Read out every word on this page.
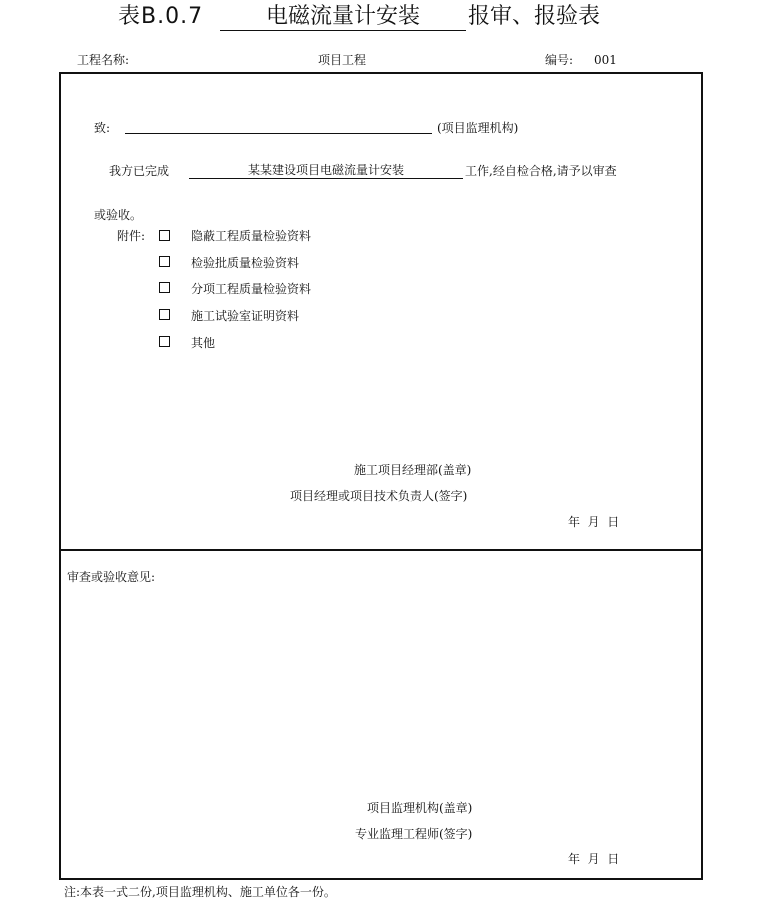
表B.0.7	电磁流量计安装 报审、报验表
工程名称:	项目工程	编号: 001
致:	(项目监理机构)
我方已完成	某某建设项目电磁流量计安装	工作,经自检合格,请予以审查
或验收。
附件:	隐蔽工程质量检验资料
检验批质量检验资料
分项工程质量检验资料
施工试验室证明资料
其他
施工项目经理部(盖章)
项目经理或项目技术负责人(签字)
年  月  日
审查或验收意见:
项目监理机构(盖章)
专业监理工程师(签字)
年  月  日
注:本表一式二份,项目监理机构、施工单位各一份。
